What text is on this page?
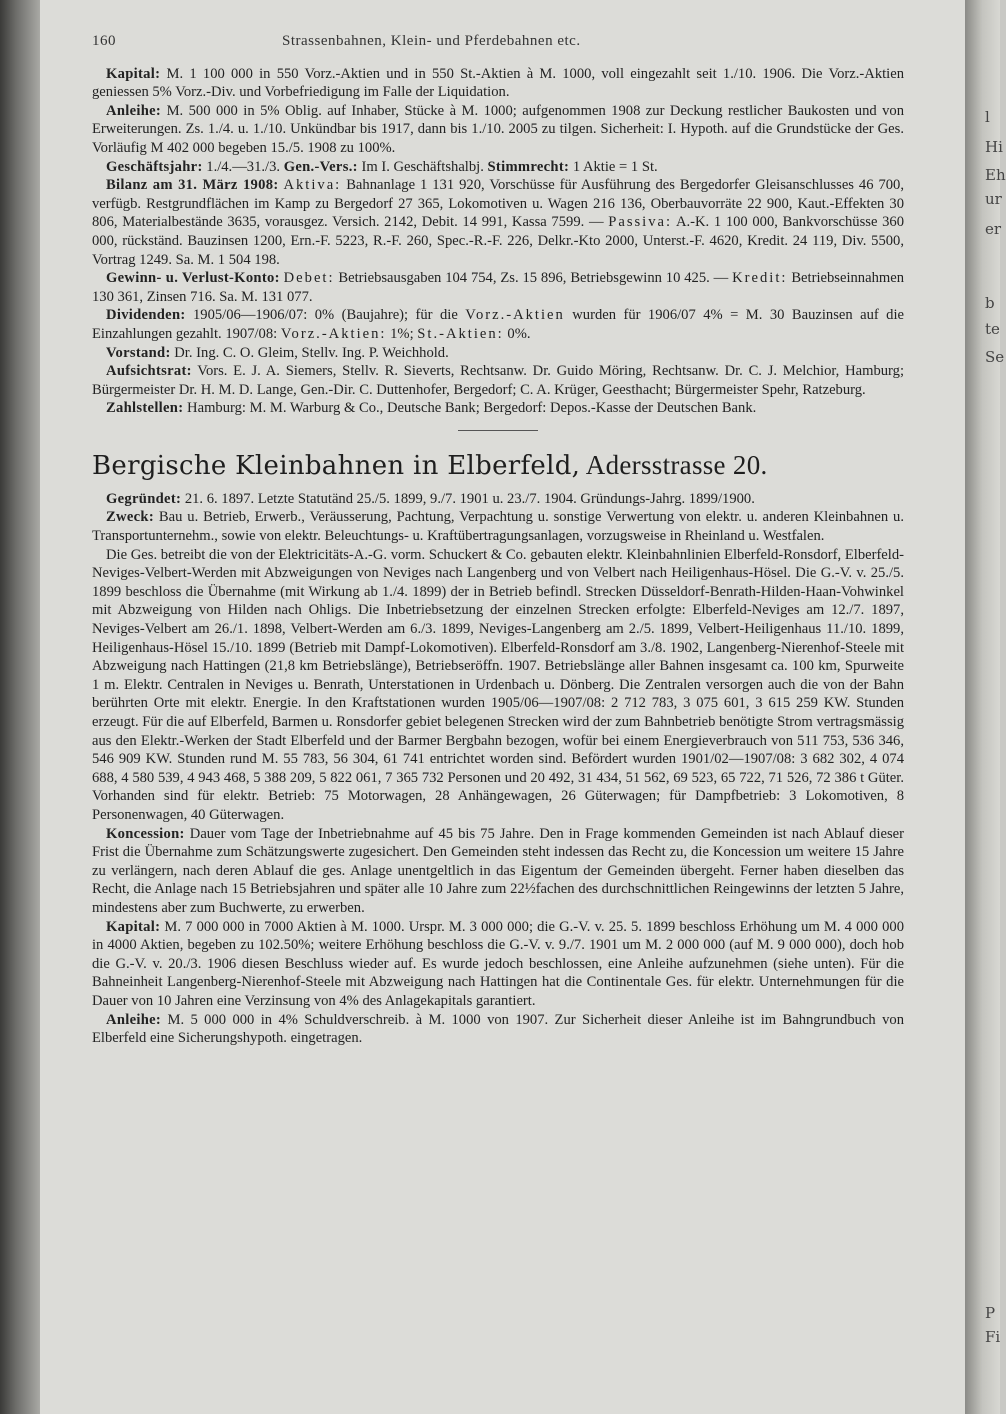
l
Hi
Eh
ur
er
b
te
Se
P
Fi
160	Strassenbahnen, Klein- und Pferdebahnen etc.

Kapital: M. 1 100 000 in 550 Vorz.-Aktien und in 550 St.-Aktien à M. 1000, voll eingezahlt seit 1./10. 1906. Die Vorz.-Aktien geniessen 5% Vorz.-Div. und Vorbefriedigung im Falle der Liquidation.

Anleihe: M. 500 000 in 5% Oblig. auf Inhaber, Stücke à M. 1000; aufgenommen 1908 zur Deckung restlicher Baukosten und von Erweiterungen. Zs. 1./4. u. 1./10. Unkündbar bis 1917, dann bis 1./10. 2005 zu tilgen. Sicherheit: I. Hypoth. auf die Grundstücke der Ges. Vorläufig M 402 000 begeben 15./5. 1908 zu 100%.

Geschäftsjahr: 1./4.—31./3. Gen.-Vers.: Im I. Geschäftshalbj. Stimmrecht: 1 Aktie = 1 St.

Bilanz am 31. März 1908: Aktiva: Bahnanlage 1 131 920, Vorschüsse für Ausführung des Bergedorfer Gleisanschlusses 46 700, verfügb. Restgrundflächen im Kamp zu Bergedorf 27 365, Lokomotiven u. Wagen 216 136, Oberbauvorräte 22 900, Kaut.-Effekten 30 806, Materialbestände 3635, vorausgez. Versich. 2142, Debit. 14 991, Kassa 7599. — Passiva: A.-K. 1 100 000, Bankvorschüsse 360 000, rückständ. Bauzinsen 1200, Ern.-F. 5223, R.-F. 260, Spec.-R.-F. 226, Delkr.-Kto 2000, Unterst.-F. 4620, Kredit. 24 119, Div. 5500, Vortrag 1249. Sa. M. 1 504 198.

Gewinn- u. Verlust-Konto: Debet: Betriebsausgaben 104 754, Zs. 15 896, Betriebsgewinn 10 425. — Kredit: Betriebseinnahmen 130 361, Zinsen 716. Sa. M. 131 077.

Dividenden: 1905/06—1906/07: 0% (Baujahre); für die Vorz.-Aktien wurden für 1906/07 4% = M. 30 Bauzinsen auf die Einzahlungen gezahlt. 1907/08: Vorz.-Aktien: 1%; St.-Aktien: 0%.

Vorstand: Dr. Ing. C. O. Gleim, Stellv. Ing. P. Weichhold.

Aufsichtsrat: Vors. E. J. A. Siemers, Stellv. R. Sieverts, Rechtsanw. Dr. Guido Möring, Rechtsanw. Dr. C. J. Melchior, Hamburg; Bürgermeister Dr. H. M. D. Lange, Gen.-Dir. C. Duttenhofer, Bergedorf; C. A. Krüger, Geesthacht; Bürgermeister Spehr, Ratzeburg.

Zahlstellen: Hamburg: M. M. Warburg & Co., Deutsche Bank; Bergedorf: Depos.-Kasse der Deutschen Bank.

Bergische Kleinbahnen in Elberfeld, Adersstrasse 20.

Gegründet: 21. 6. 1897. Letzte Statutänd 25./5. 1899, 9./7. 1901 u. 23./7. 1904. Gründungs-Jahrg. 1899/1900.

Zweck: Bau u. Betrieb, Erwerb., Veräusserung, Pachtung, Verpachtung u. sonstige Verwertung von elektr. u. anderen Kleinbahnen u. Transportunternehm., sowie von elektr. Beleuchtungs- u. Kraftübertragungsanlagen, vorzugsweise in Rheinland u. Westfalen.

Die Ges. betreibt die von der Elektricitäts-A.-G. vorm. Schuckert & Co. gebauten elektr. Kleinbahnlinien Elberfeld-Ronsdorf, Elberfeld-Neviges-Velbert-Werden mit Abzweigungen von Neviges nach Langenberg und von Velbert nach Heiligenhaus-Hösel. Die G.-V. v. 25./5. 1899 beschloss die Übernahme (mit Wirkung ab 1./4. 1899) der in Betrieb befindl. Strecken Düsseldorf-Benrath-Hilden-Haan-Vohwinkel mit Abzweigung von Hilden nach Ohligs. Die Inbetriebsetzung der einzelnen Strecken erfolgte: Elberfeld-Neviges am 12./7. 1897, Neviges-Velbert am 26./1. 1898, Velbert-Werden am 6./3. 1899, Neviges-Langenberg am 2./5. 1899, Velbert-Heiligenhaus 11./10. 1899, Heiligenhaus-Hösel 15./10. 1899 (Betrieb mit Dampf-Lokomotiven). Elberfeld-Ronsdorf am 3./8. 1902, Langenberg-Nierenhof-Steele mit Abzweigung nach Hattingen (21,8 km Betriebslänge), Betriebseröffn. 1907. Betriebslänge aller Bahnen insgesamt ca. 100 km, Spurweite 1 m. Elektr. Centralen in Neviges u. Benrath, Unterstationen in Urdenbach u. Dönberg. Die Zentralen versorgen auch die von der Bahn berührten Orte mit elektr. Energie. In den Kraftstationen wurden 1905/06—1907/08: 2 712 783, 3 075 601, 3 615 259 KW. Stunden erzeugt. Für die auf Elberfeld, Barmen u. Ronsdorfer gebiet belegenen Strecken wird der zum Bahnbetrieb benötigte Strom vertragsmässig aus den Elektr.-Werken der Stadt Elberfeld und der Barmer Bergbahn bezogen, wofür bei einem Energieverbrauch von 511 753, 536 346, 546 909 KW. Stunden rund M. 55 783, 56 304, 61 741 entrichtet worden sind. Befördert wurden 1901/02—1907/08: 3 682 302, 4 074 688, 4 580 539, 4 943 468, 5 388 209, 5 822 061, 7 365 732 Personen und 20 492, 31 434, 51 562, 69 523, 65 722, 71 526, 72 386 t Güter. Vorhanden sind für elektr. Betrieb: 75 Motorwagen, 28 Anhängewagen, 26 Güterwagen; für Dampfbetrieb: 3 Lokomotiven, 8 Personenwagen, 40 Güterwagen.

Koncession: Dauer vom Tage der Inbetriebnahme auf 45 bis 75 Jahre. Den in Frage kommenden Gemeinden ist nach Ablauf dieser Frist die Übernahme zum Schätzungswerte zugesichert. Den Gemeinden steht indessen das Recht zu, die Koncession um weitere 15 Jahre zu verlängern, nach deren Ablauf die ges. Anlage unentgeltlich in das Eigentum der Gemeinden übergeht. Ferner haben dieselben das Recht, die Anlage nach 15 Betriebsjahren und später alle 10 Jahre zum 22½fachen des durchschnittlichen Reingewinns der letzten 5 Jahre, mindestens aber zum Buchwerte, zu erwerben.

Kapital: M. 7 000 000 in 7000 Aktien à M. 1000. Urspr. M. 3 000 000; die G.-V. v. 25. 5. 1899 beschloss Erhöhung um M. 4 000 000 in 4000 Aktien, begeben zu 102.50%; weitere Erhöhung beschloss die G.-V. v. 9./7. 1901 um M. 2 000 000 (auf M. 9 000 000), doch hob die G.-V. v. 20./3. 1906 diesen Beschluss wieder auf. Es wurde jedoch beschlossen, eine Anleihe aufzunehmen (siehe unten). Für die Bahneinheit Langenberg-Nierenhof-Steele mit Abzweigung nach Hattingen hat die Continentale Ges. für elektr. Unternehmungen für die Dauer von 10 Jahren eine Verzinsung von 4% des Anlagekapitals garantiert.

Anleihe: M. 5 000 000 in 4% Schuldverschreib. à M. 1000 von 1907. Zur Sicherheit dieser Anleihe ist im Bahngrundbuch von Elberfeld eine Sicherungshypoth. eingetragen.
